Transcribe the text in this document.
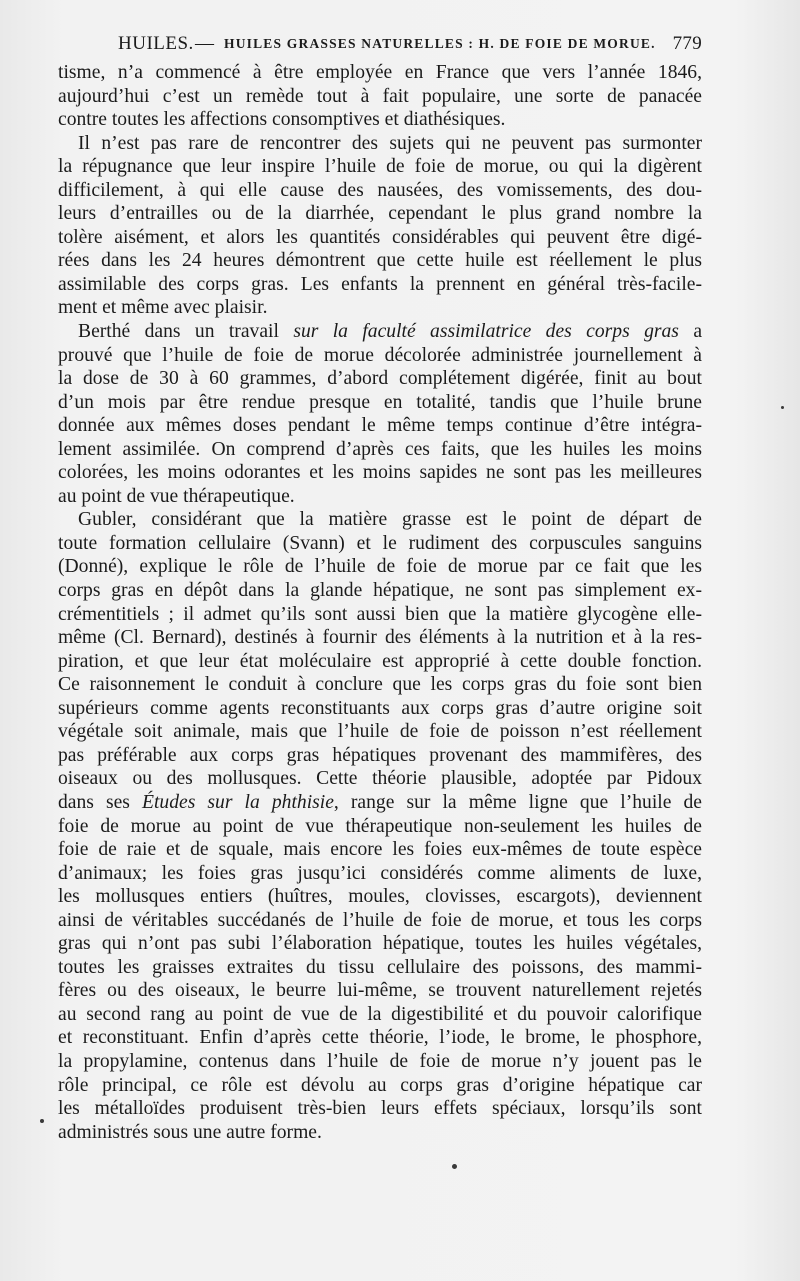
HUILES. — HUILES GRASSES NATURELLES : H. DE FOIE DE MORUE. 779
tisme, n’a commencé à être employée en France que vers l’année 1846,
aujourd’hui c’est un remède tout à fait populaire, une sorte de panacée
contre toutes les affections consomptives et diathésiques.
Il n’est pas rare de rencontrer des sujets qui ne peuvent pas surmonter
la répugnance que leur inspire l’huile de foie de morue, ou qui la digèrent
difficilement, à qui elle cause des nausées, des vomissements, des dou-
leurs d’entrailles ou de la diarrhée, cependant le plus grand nombre la
tolère aisément, et alors les quantités considérables qui peuvent être digé-
rées dans les 24 heures démontrent que cette huile est réellement le plus
assimilable des corps gras. Les enfants la prennent en général très-facile-
ment et même avec plaisir.
Berthé dans un travail sur la faculté assimilatrice des corps gras a
prouvé que l’huile de foie de morue décolorée administrée journellement à
la dose de 30 à 60 grammes, d’abord complétement digérée, finit au bout
d’un mois par être rendue presque en totalité, tandis que l’huile brune
donnée aux mêmes doses pendant le même temps continue d’être intégra-
lement assimilée. On comprend d’après ces faits, que les huiles les moins
colorées, les moins odorantes et les moins sapides ne sont pas les meilleures
au point de vue thérapeutique.
Gubler, considérant que la matière grasse est le point de départ de
toute formation cellulaire (Svann) et le rudiment des corpuscules sanguins
(Donné), explique le rôle de l’huile de foie de morue par ce fait que les
corps gras en dépôt dans la glande hépatique, ne sont pas simplement ex-
crémentitiels ; il admet qu’ils sont aussi bien que la matière glycogène elle-
même (Cl. Bernard), destinés à fournir des éléments à la nutrition et à la res-
piration, et que leur état moléculaire est approprié à cette double fonction.
Ce raisonnement le conduit à conclure que les corps gras du foie sont bien
supérieurs comme agents reconstituants aux corps gras d’autre origine soit
végétale soit animale, mais que l’huile de foie de poisson n’est réellement
pas préférable aux corps gras hépatiques provenant des mammifères, des
oiseaux ou des mollusques. Cette théorie plausible, adoptée par Pidoux
dans ses Études sur la phthisie, range sur la même ligne que l’huile de
foie de morue au point de vue thérapeutique non-seulement les huiles de
foie de raie et de squale, mais encore les foies eux-mêmes de toute espèce
d’animaux; les foies gras jusqu’ici considérés comme aliments de luxe,
les mollusques entiers (huîtres, moules, clovisses, escargots), deviennent
ainsi de véritables succédanés de l’huile de foie de morue, et tous les corps
gras qui n’ont pas subi l’élaboration hépatique, toutes les huiles végétales,
toutes les graisses extraites du tissu cellulaire des poissons, des mammi-
fères ou des oiseaux, le beurre lui-même, se trouvent naturellement rejetés
au second rang au point de vue de la digestibilité et du pouvoir calorifique
et reconstituant. Enfin d’après cette théorie, l’iode, le brome, le phosphore,
la propylamine, contenus dans l’huile de foie de morue n’y jouent pas le
rôle principal, ce rôle est dévolu au corps gras d’origine hépatique car
les métalloïdes produisent très-bien leurs effets spéciaux, lorsqu’ils sont
administrés sous une autre forme.
